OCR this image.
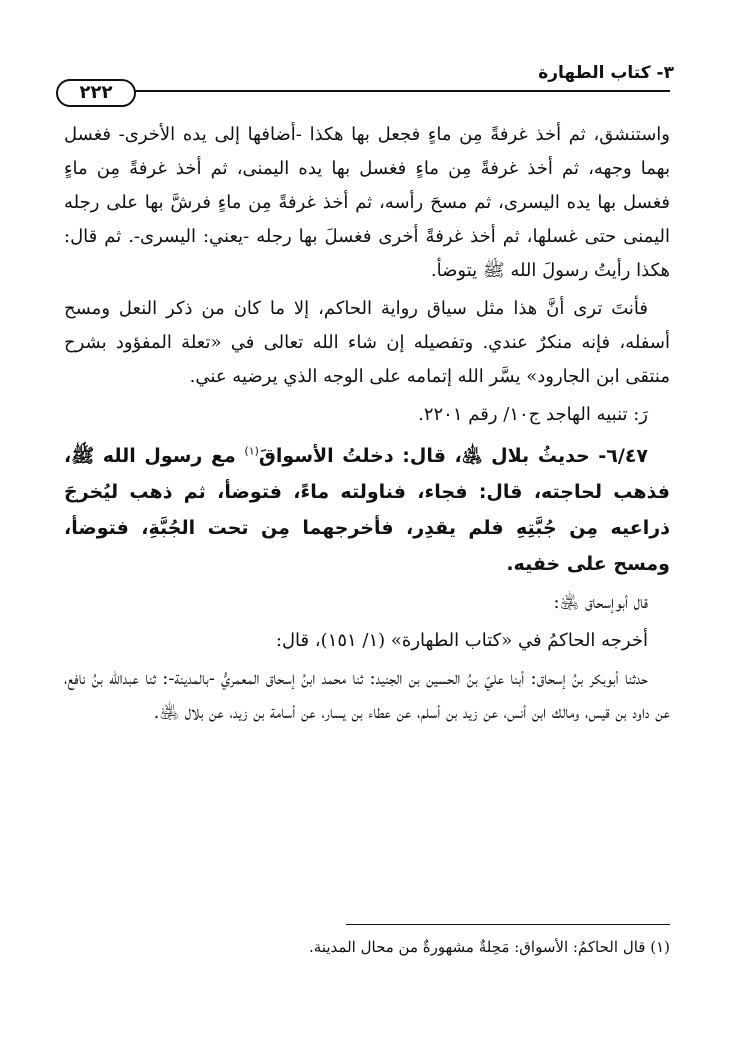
٣- كتاب الطهارة
٢٢٢

واستنشق، ثم أخذ غرفةً مِن ماءٍ فجعل بها هكذا -أضافها إلى يده الأخرى- فغسل بهما وجهه، ثم أخذ غرفةً مِن ماءٍ فغسل بها يده اليمنى، ثم أخذ غرفةً مِن ماءٍ فغسل بها يده اليسرى، ثم مسحَ رأسه، ثم أخذ غرفةً مِن ماءٍ فرشَّ بها على رجله اليمنى حتى غسلها، ثم أخذ غرفةً أخرى فغسلَ بها رجله -يعني: اليسرى-. ثم قال: هكذا رأيتُ رسولَ الله ﷺ يتوضأ.

فأنتَ ترى أنَّ هذا مثل سياق رواية الحاكم، إلا ما كان من ذكر النعل ومسح أسفله، فإنه منكرٌ عندي. وتفصيله إن شاء الله تعالى في «تعلة المفؤود بشرح منتقى ابن الجارود» يسَّر الله إتمامه على الوجه الذي يرضيه عني.

رَ: تنبيه الهاجد ج١٠/ رقم ٢٢٠١.

٦/٤٧- حديثُ بلال ﵁، قال: دخلتُ الأسواقَ$^{(١)}$ مع رسول الله ﷺ، فذهب لحاجته، قال: فجاء، فناولته ماءً، فتوضأ، ثم ذهب ليُخرجَ ذراعيه مِن جُبَّتِهِ فلم يقدِر، فأخرجهما مِن تحت الجُبَّةِ، فتوضأ، ومسح على خفيه.

قال أبوإسحاق ﵁:

أخرجه الحاكمُ في «كتاب الطهارة» (١/ ١٥١)، قال:

حدثنا أبوبكر بنُ إسحاق: أبنا عليّ بنُ الحسين بن الجنيد: ثنا محمد ابنُ إسحاق المعمريُّ -بالمدينة-: ثنا عبدالله بنُ نافع، عن داود بن قيس، ومالك ابن أنس، عن زيد بن أسلم، عن عطاء بن يسار، عن أسامة بن زيد، عن بلال ﵁.

(١) قال الحاكمُ: الأسواق: مَحِلةٌ مشهورةٌ من محال المدينة.
